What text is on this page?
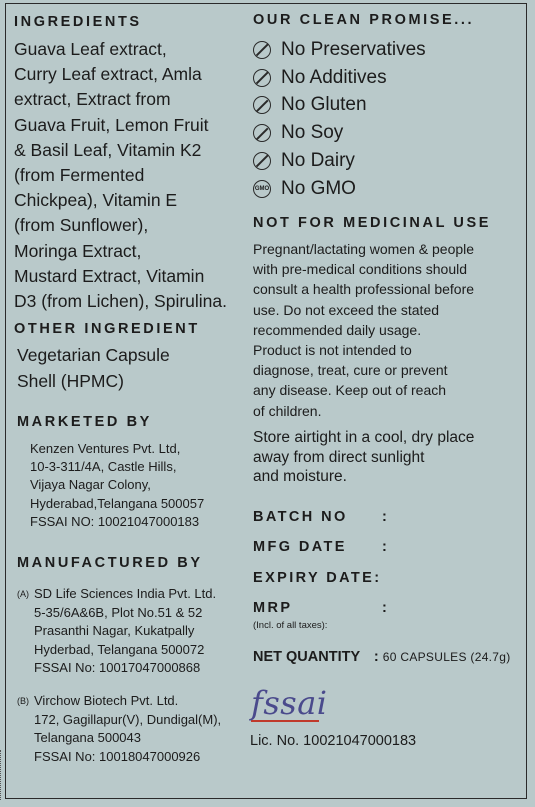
INGREDIENTS
Guava Leaf extract,
Curry Leaf extract, Amla
extract, Extract from
Guava Fruit, Lemon Fruit
& Basil Leaf, Vitamin K2
(from Fermented
Chickpea), Vitamin E
(from Sunflower),
Moringa Extract,
Mustard Extract, Vitamin
D3 (from Lichen), Spirulina.
OTHER INGREDIENT
Vegetarian Capsule
Shell (HPMC)
MARKETED BY
Kenzen Ventures Pvt. Ltd,
10-3-311/4A, Castle Hills,
Vijaya Nagar Colony,
Hyderabad,Telangana 500057
FSSAI NO: 10021047000183
MANUFACTURED BY
(A) SD Life Sciences India Pvt. Ltd.
5-35/6A&6B, Plot No.51 & 52
Prasanthi Nagar, Kukatpally
Hyderbad, Telangana 500072
FSSAI No: 10017047000868
(B) Virchow Biotech Pvt. Ltd.
172, Gagillapur(V), Dundigal(M),
Telangana 500043
FSSAI No: 10018047000926
OUR CLEAN PROMISE...
No Preservatives
No Additives
No Gluten
No Soy
No Dairy
GMO No GMO
NOT FOR MEDICINAL USE
Pregnant/lactating women & people
with pre-medical conditions should
consult a health professional before
use. Do not exceed the stated
recommended daily usage.
Product is not intended to
diagnose, treat, cure or prevent
any disease. Keep out of reach
of children.
Store airtight in a cool, dry place
away from direct sunlight
and moisture.
BATCH NO :
MFG DATE :
EXPIRY DATE:
MRP	:
(Incl. of all taxes):
NET QUANTITY : 60 CAPSULES (24.7g)
fssai
Lic. No. 10021047000183
